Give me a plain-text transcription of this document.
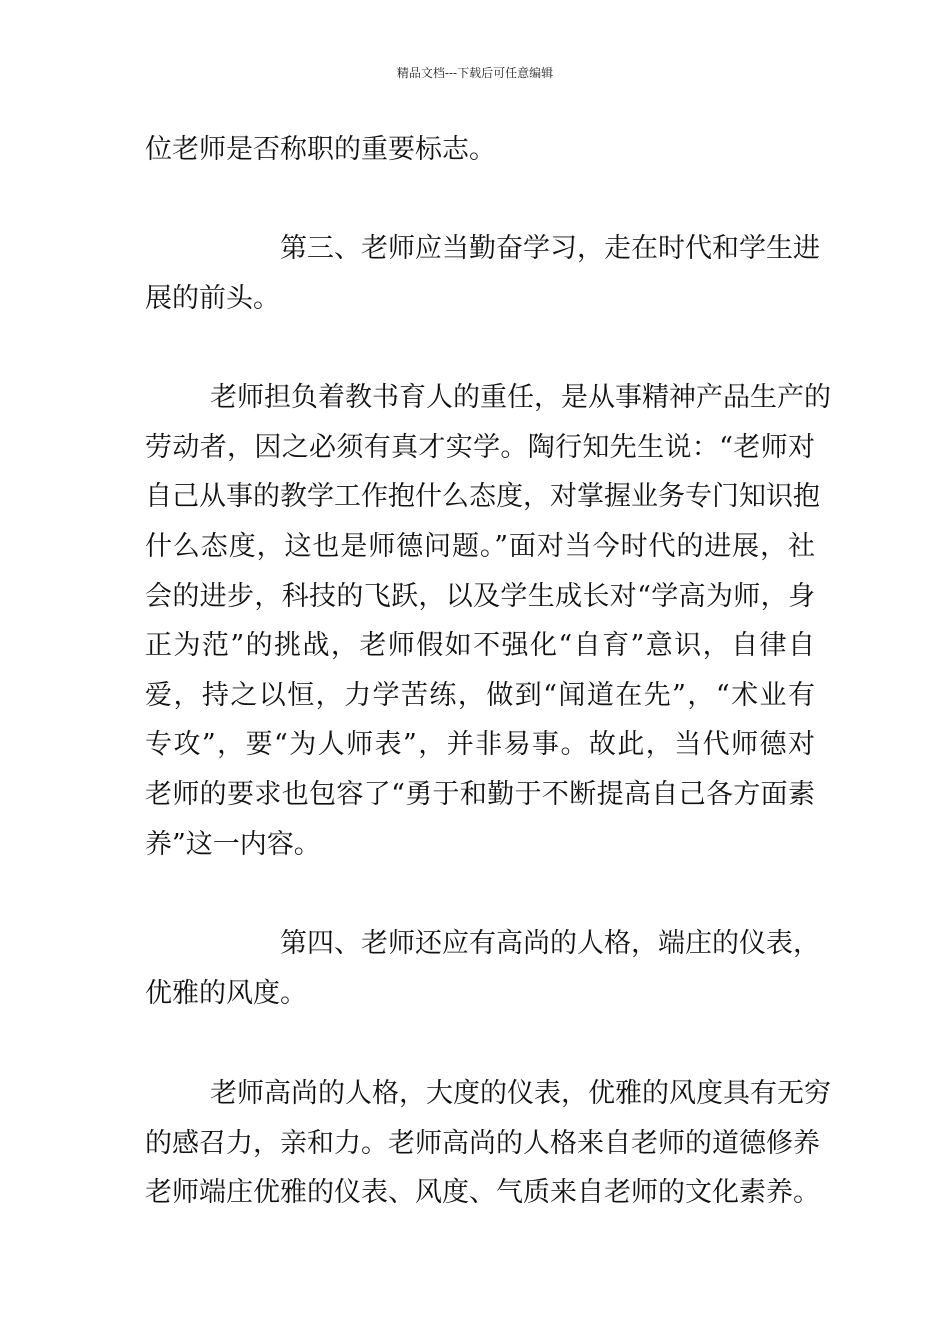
精品文档---下载后可任意编辑
位老师是否称职的重要标志。
第三、老师应当勤奋学习，走在时代和学生进
展的前头。
老师担负着教书育人的重任，是从事精神产品生产的
劳动者，因之必须有真才实学。陶行知先生说：“老师对
自己从事的教学工作抱什么态度，对掌握业务专门知识抱
什么态度，这也是师德问题。”面对当今时代的进展，社
会的进步，科技的飞跃，以及学生成长对“学高为师，身
正为范”的挑战，老师假如不强化“自育”意识，自律自
爱，持之以恒，力学苦练，做到“闻道在先”，“术业有
专攻”，要“为人师表”，并非易事。故此，当代师德对
老师的要求也包容了“勇于和勤于不断提高自己各方面素
养”这一内容。
第四、老师还应有高尚的人格，端庄的仪表，
优雅的风度。
老师高尚的人格，大度的仪表，优雅的风度具有无穷
的感召力，亲和力。老师高尚的人格来自老师的道德修养
老师端庄优雅的仪表、风度、气质来自老师的文化素养。
